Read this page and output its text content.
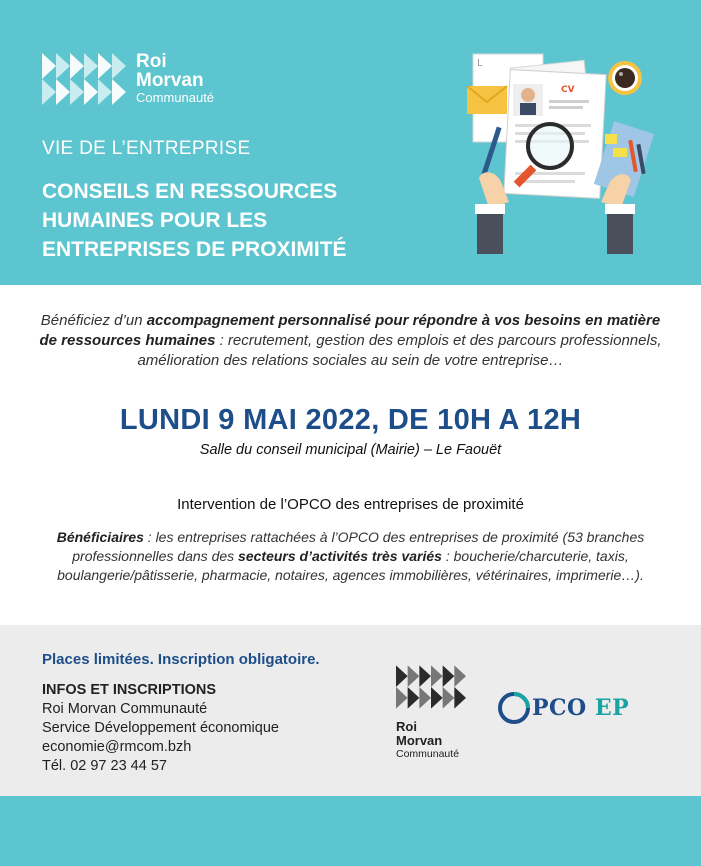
Roi
Morvan
Communauté
VIE DE L’ENTREPRISE
CONSEILS EN RESSOURCES
HUMAINES POUR LES
ENTREPRISES DE PROXIMITÉ
L
CV

Bénéficiez d’un accompagnement personnalisé pour répondre à vos besoins en matière de ressources humaines : recrutement, gestion des emplois et des parcours professionnels, amélioration des relations sociales au sein de votre entreprise…

LUNDI 9 MAI 2022, DE 10H A 12H
Salle du conseil municipal (Mairie) – Le Faouët
Intervention de l’OPCO des entreprises de proximité

Bénéficiaires : les entreprises rattachées à l’OPCO des entreprises de proximité (53 branches professionnelles dans des secteurs d’activités très variés : boucherie/charcuterie, taxis, boulangerie/pâtisserie, pharmacie, notaires, agences immobilières, vétérinaires, imprimerie…).

Places limitées. Inscription obligatoire.
INFOS ET INSCRIPTIONS
Roi Morvan Communauté
Service Développement économique
economie@rmcom.bzh
Tél. 02 97 23 44 57
Roi
Morvan
Communauté
PCO EP
